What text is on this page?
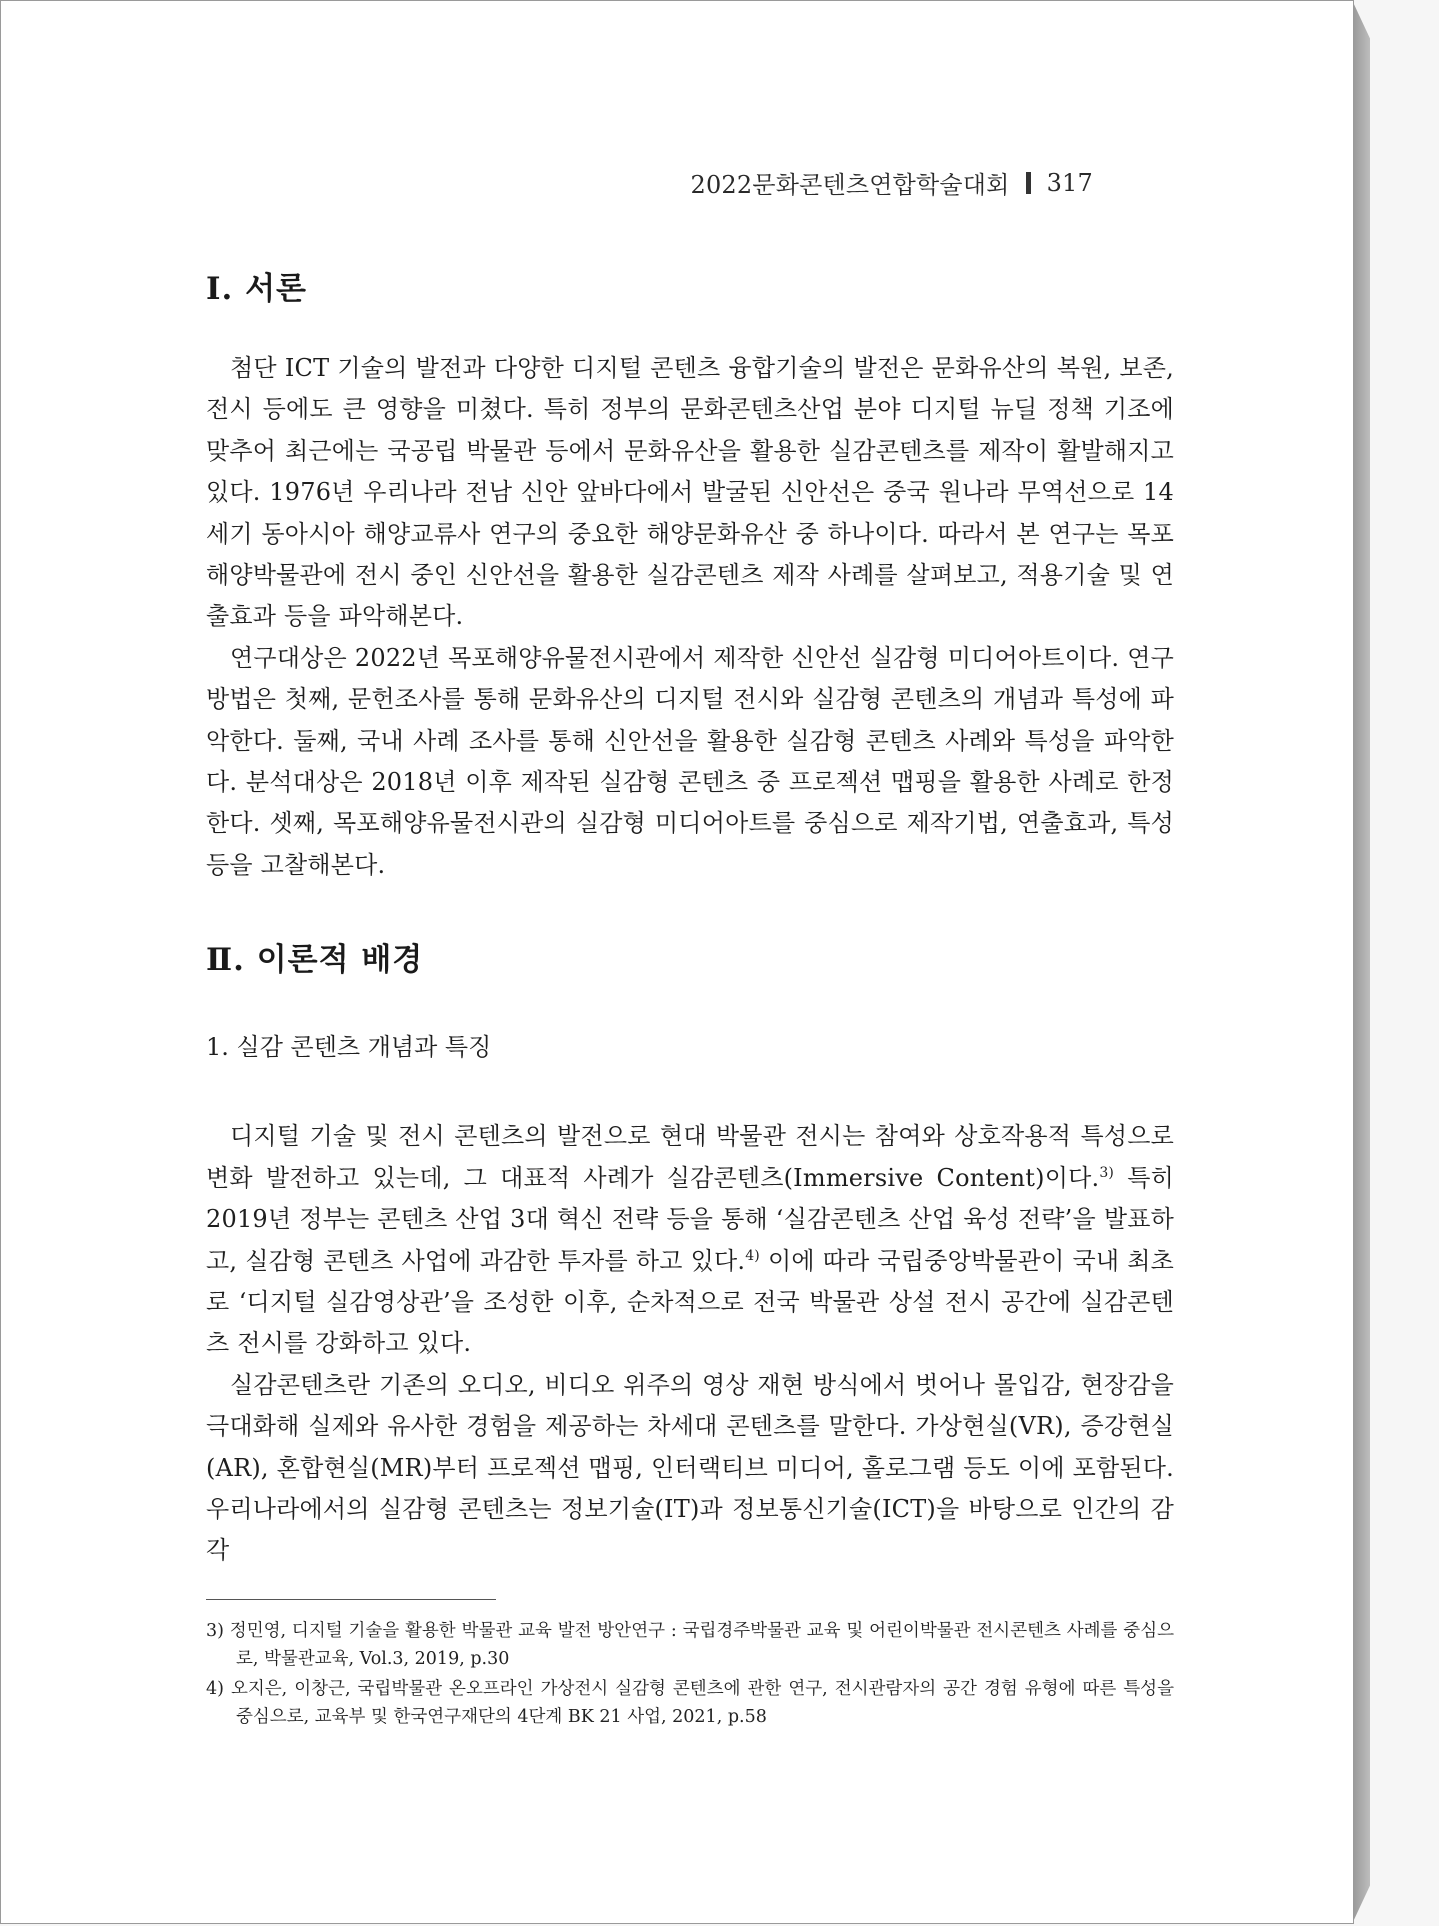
2022문화콘텐츠연합학술대회 317
Ⅰ. 서론

첨단 ICT 기술의 발전과 다양한 디지털 콘텐츠 융합기술의 발전은 문화유산의 복원, 보존, 전시 등에도 큰 영향을 미쳤다. 특히 정부의 문화콘텐츠산업 분야 디지털 뉴딜 정책 기조에 맞추어 최근에는 국공립 박물관 등에서 문화유산을 활용한 실감콘텐츠를 제작이 활발해지고 있다. 1976년 우리나라 전남 신안 앞바다에서 발굴된 신안선은 중국 원나라 무역선으로 14세기 동아시아 해양교류사 연구의 중요한 해양문화유산 중 하나이다. 따라서 본 연구는 목포해양박물관에 전시 중인 신안선을 활용한 실감콘텐츠 제작 사례를 살펴보고, 적용기술 및 연출효과 등을 파악해본다.

연구대상은 2022년 목포해양유물전시관에서 제작한 신안선 실감형 미디어아트이다. 연구방법은 첫째, 문헌조사를 통해 문화유산의 디지털 전시와 실감형 콘텐츠의 개념과 특성에 파악한다. 둘째, 국내 사례 조사를 통해 신안선을 활용한 실감형 콘텐츠 사례와 특성을 파악한다. 분석대상은 2018년 이후 제작된 실감형 콘텐츠 중 프로젝션 맵핑을 활용한 사례로 한정한다. 셋째, 목포해양유물전시관의 실감형 미디어아트를 중심으로 제작기법, 연출효과, 특성 등을 고찰해본다.

Ⅱ. 이론적 배경
1. 실감 콘텐츠 개념과 특징

디지털 기술 및 전시 콘텐츠의 발전으로 현대 박물관 전시는 참여와 상호작용적 특성으로 변화 발전하고 있는데, 그 대표적 사례가 실감콘텐츠(Immersive Content)이다.$^{3)}$ 특히 2019년 정부는 콘텐츠 산업 3대 혁신 전략 등을 통해 ‘실감콘텐츠 산업 육성 전략’을 발표하고, 실감형 콘텐츠 사업에 과감한 투자를 하고 있다.$^{4)}$ 이에 따라 국립중앙박물관이 국내 최초로 ‘디지털 실감영상관’을 조성한 이후, 순차적으로 전국 박물관 상설 전시 공간에 실감콘텐츠 전시를 강화하고 있다.

실감콘텐츠란 기존의 오디오, 비디오 위주의 영상 재현 방식에서 벗어나 몰입감, 현장감을 극대화해 실제와 유사한 경험을 제공하는 차세대 콘텐츠를 말한다. 가상현실(VR), 증강현실(AR), 혼합현실(MR)부터 프로젝션 맵핑, 인터랙티브 미디어, 홀로그램 등도 이에 포함된다. 우리나라에서의 실감형 콘텐츠는 정보기술(IT)과 정보통신기술(ICT)을 바탕으로 인간의 감각

3) 정민영, 디지털 기술을 활용한 박물관 교육 발전 방안연구 : 국립경주박물관 교육 및 어린이박물관 전시콘텐츠 사례를 중심으로, 박물관교육, Vol.3, 2019, p.30

4) 오지은, 이창근, 국립박물관 온오프라인 가상전시 실감형 콘텐츠에 관한 연구, 전시관람자의 공간 경험 유형에 따른 특성을 중심으로, 교육부 및 한국연구재단의 4단계 BK 21 사업, 2021, p.58
